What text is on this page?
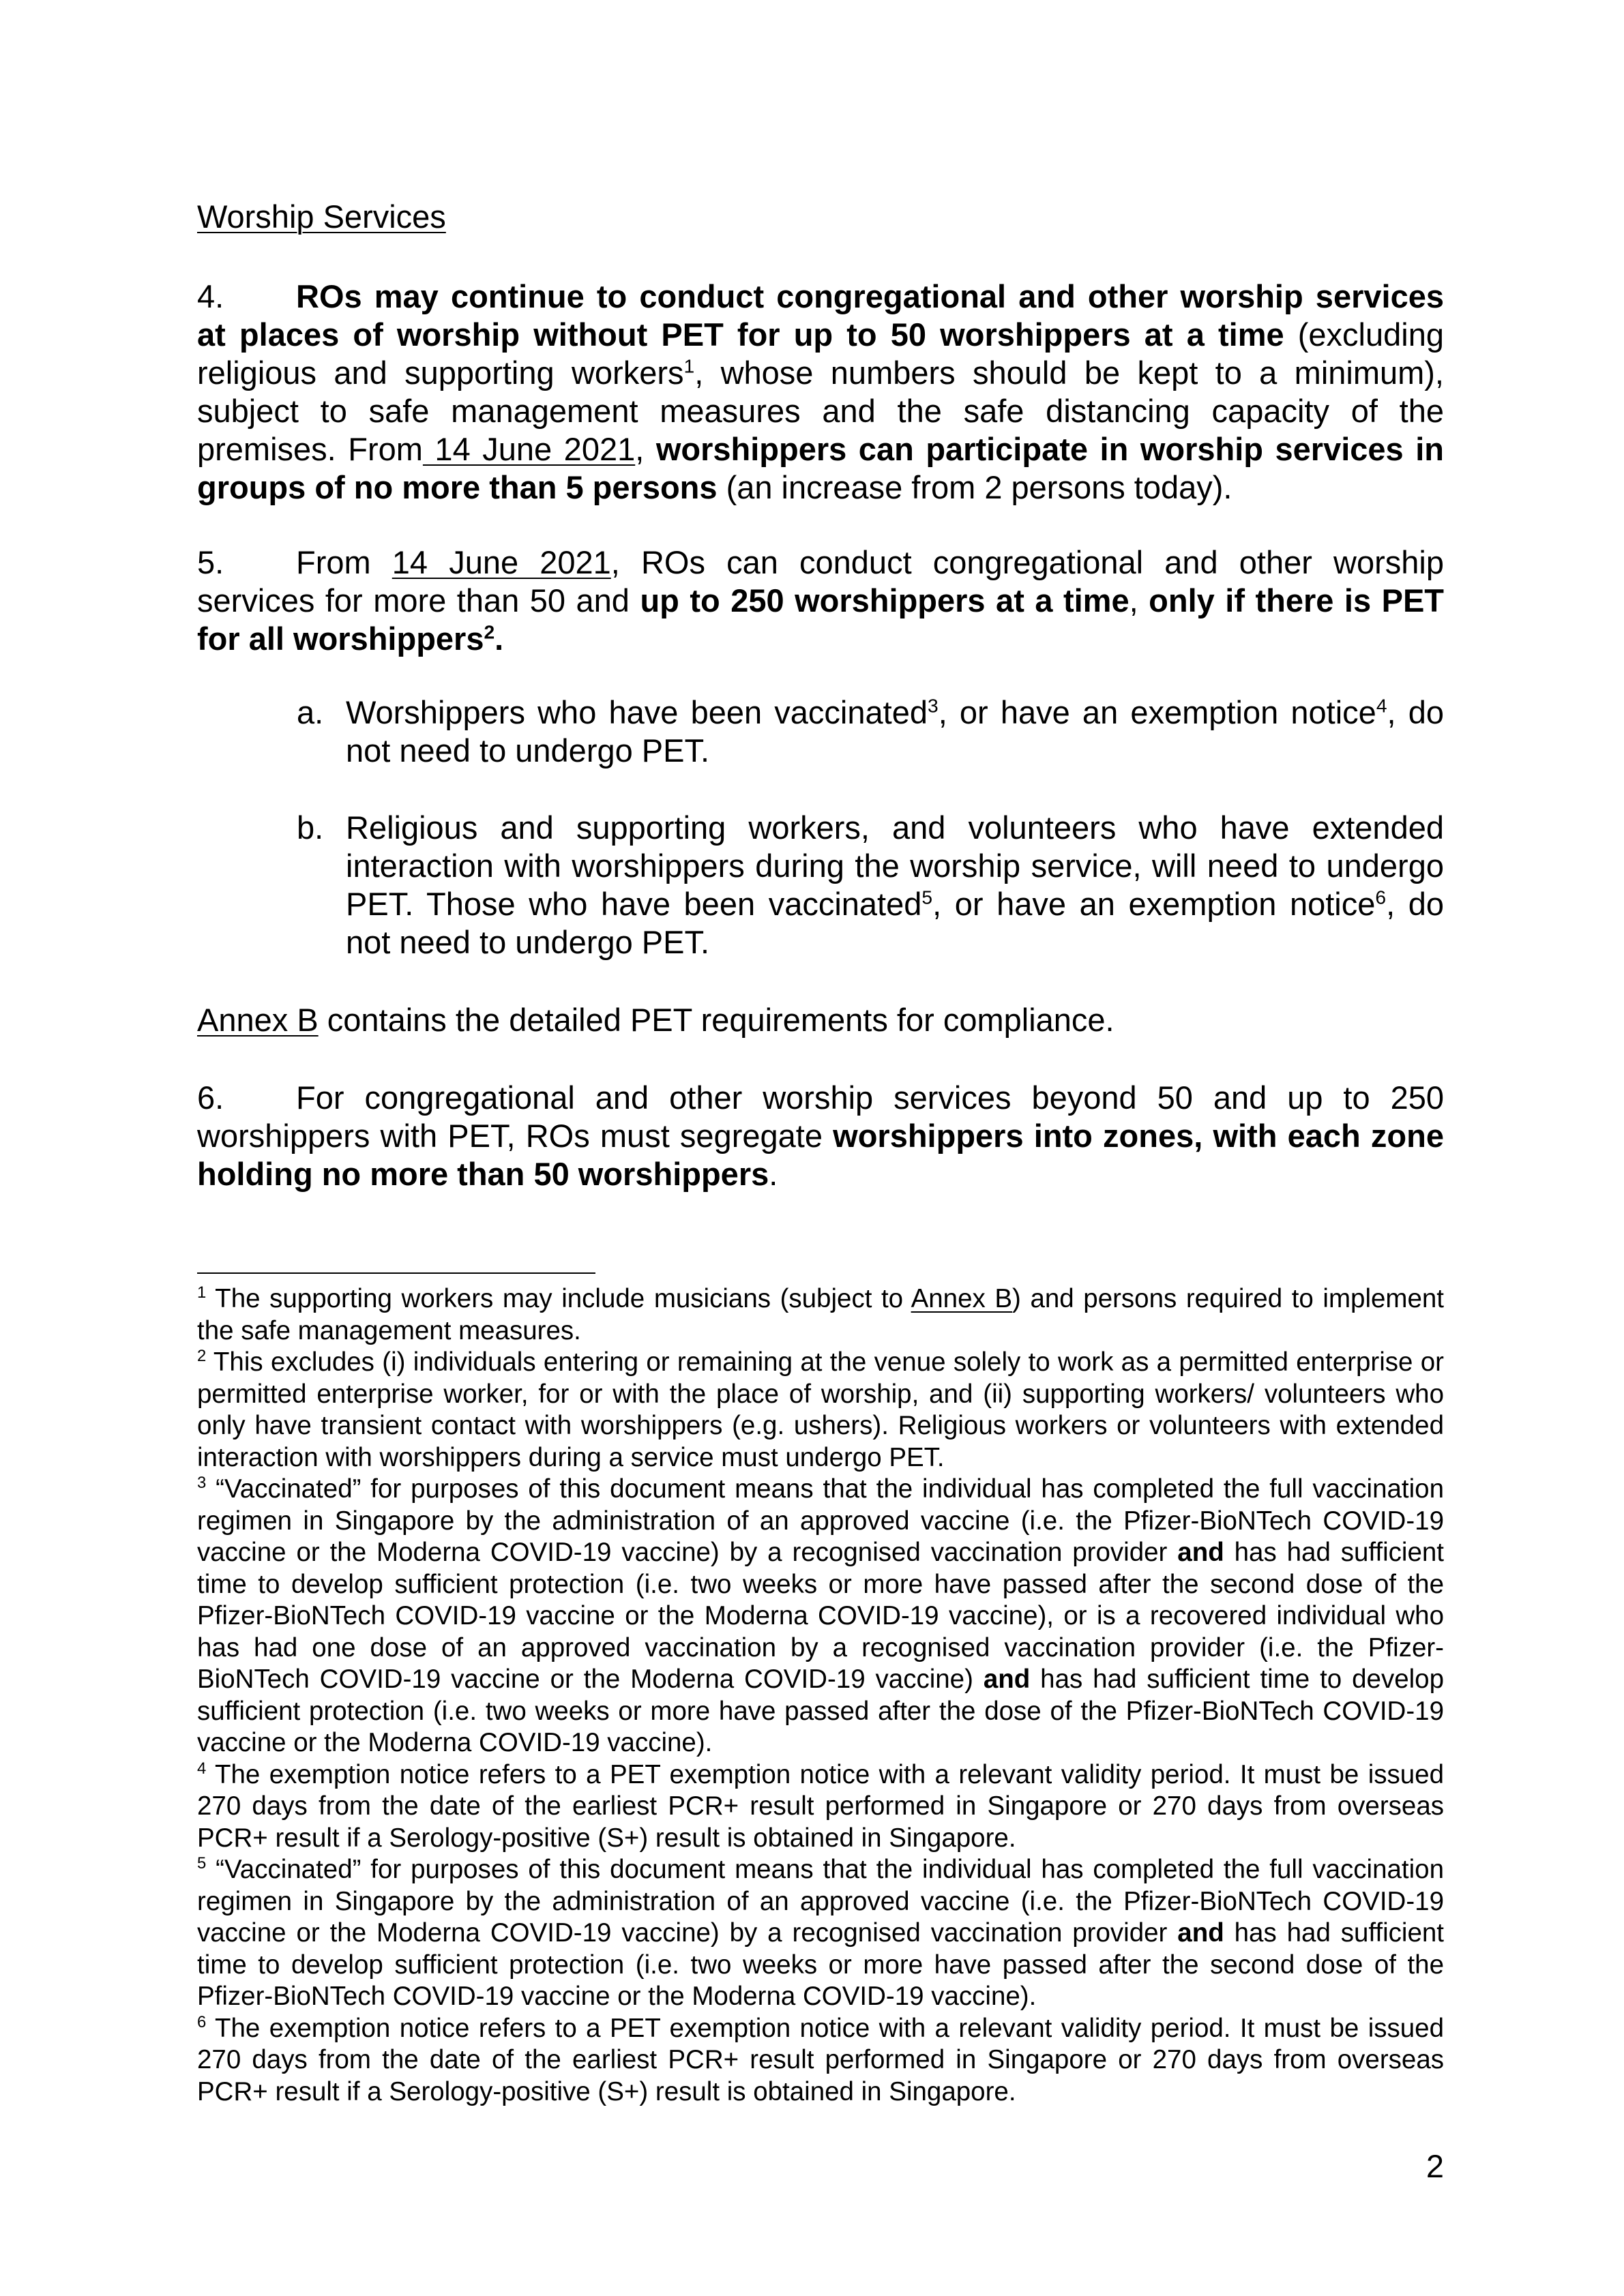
Worship Services
4. ROs may continue to conduct congregational and other worship services at places of worship without PET for up to 50 worshippers at a time (excluding religious and supporting workers$^1$, whose numbers should be kept to a minimum), subject to safe management measures and the safe distancing capacity of the premises. From 14 June 2021, worshippers can participate in worship services in groups of no more than 5 persons (an increase from 2 persons today).
5. From 14 June 2021, ROs can conduct congregational and other worship services for more than 50 and up to 250 worshippers at a time, only if there is PET for all worshippers$^2$.
a. Worshippers who have been vaccinated$^3$, or have an exemption notice$^4$, do not need to undergo PET.
b. Religious and supporting workers, and volunteers who have extended interaction with worshippers during the worship service, will need to undergo PET. Those who have been vaccinated$^5$, or have an exemption notice$^6$, do not need to undergo PET.
Annex B contains the detailed PET requirements for compliance.
6. For congregational and other worship services beyond 50 and up to 250 worshippers with PET, ROs must segregate worshippers into zones, with each zone holding no more than 50 worshippers.

$^1$ The supporting workers may include musicians (subject to Annex B) and persons required to implement the safe management measures.

$^2$ This excludes (i) individuals entering or remaining at the venue solely to work as a permitted enterprise or permitted enterprise worker, for or with the place of worship, and (ii) supporting workers/ volunteers who only have transient contact with worshippers (e.g. ushers). Religious workers or volunteers with extended interaction with worshippers during a service must undergo PET.

$^3$ “Vaccinated” for purposes of this document means that the individual has completed the full vaccination regimen in Singapore by the administration of an approved vaccine (i.e. the Pfizer-BioNTech COVID-19 vaccine or the Moderna COVID-19 vaccine) by a recognised vaccination provider and has had sufficient time to develop sufficient protection (i.e. two weeks or more have passed after the second dose of the Pfizer-BioNTech COVID-19 vaccine or the Moderna COVID-19 vaccine), or is a recovered individual who has had one dose of an approved vaccination by a recognised vaccination provider (i.e. the Pfizer-BioNTech COVID-19 vaccine or the Moderna COVID-19 vaccine) and has had sufficient time to develop sufficient protection (i.e. two weeks or more have passed after the dose of the Pfizer-BioNTech COVID-19 vaccine or the Moderna COVID-19 vaccine).

$^4$ The exemption notice refers to a PET exemption notice with a relevant validity period. It must be issued 270 days from the date of the earliest PCR+ result performed in Singapore or 270 days from overseas PCR+ result if a Serology-positive (S+) result is obtained in Singapore.

$^5$ “Vaccinated” for purposes of this document means that the individual has completed the full vaccination regimen in Singapore by the administration of an approved vaccine (i.e. the Pfizer-BioNTech COVID-19 vaccine or the Moderna COVID-19 vaccine) by a recognised vaccination provider and has had sufficient time to develop sufficient protection (i.e. two weeks or more have passed after the second dose of the Pfizer-BioNTech COVID-19 vaccine or the Moderna COVID-19 vaccine).

$^6$ The exemption notice refers to a PET exemption notice with a relevant validity period. It must be issued 270 days from the date of the earliest PCR+ result performed in Singapore or 270 days from overseas PCR+ result if a Serology-positive (S+) result is obtained in Singapore.

2
